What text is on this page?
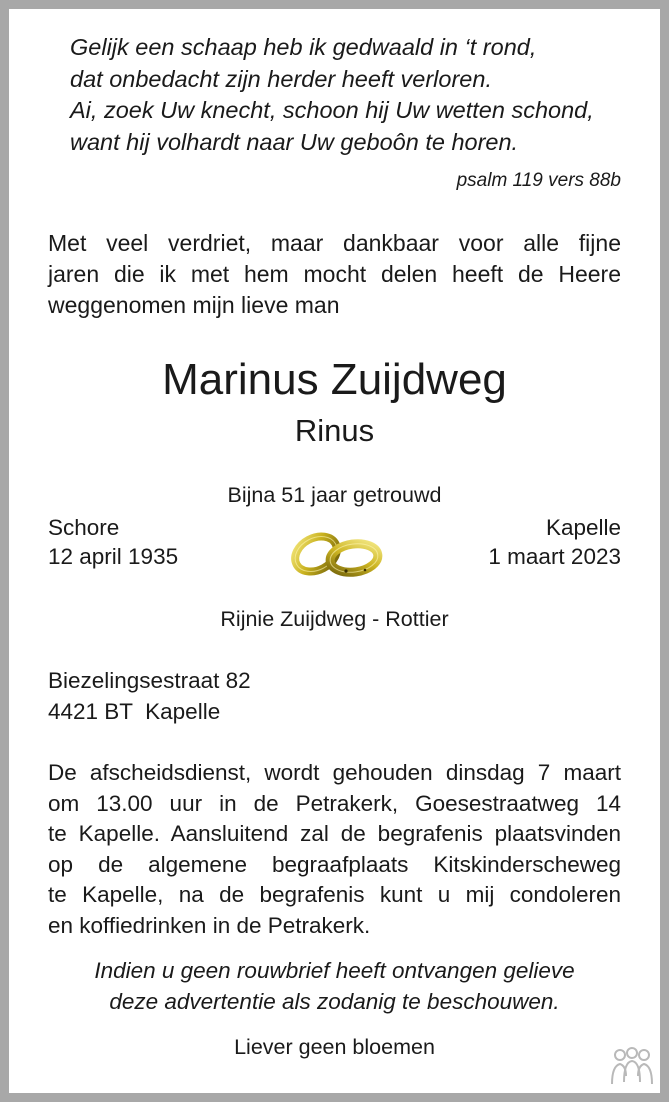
Gelijk een schaap heb ik gedwaald in ‘t rond,
dat onbedacht zijn herder heeft verloren.
Ai, zoek Uw knecht, schoon hij Uw wetten schond,
want hij volhardt naar Uw geboôn te horen.
psalm 119 vers 88b
Met veel verdriet, maar dankbaar voor alle fijne
jaren die ik met hem mocht delen heeft de Heere
weggenomen mijn lieve man
Marinus Zuijdweg
Rinus
Bijna 51 jaar getrouwd
Schore	Kapelle
12 april 1935	1 maart 2023
Rijnie Zuijdweg - Rottier
Biezelingsestraat 82
4421 BT  Kapelle
De afscheidsdienst, wordt gehouden dinsdag 7 maart
om 13.00 uur in de Petrakerk, Goesestraatweg 14
te Kapelle. Aansluitend zal de begrafenis plaatsvinden
op de algemene begraafplaats Kitskinderscheweg
te Kapelle, na de begrafenis kunt u mij condoleren
en koffiedrinken in de Petrakerk.
Indien u geen rouwbrief heeft ontvangen gelieve
deze advertentie als zodanig te beschouwen.
Liever geen bloemen
